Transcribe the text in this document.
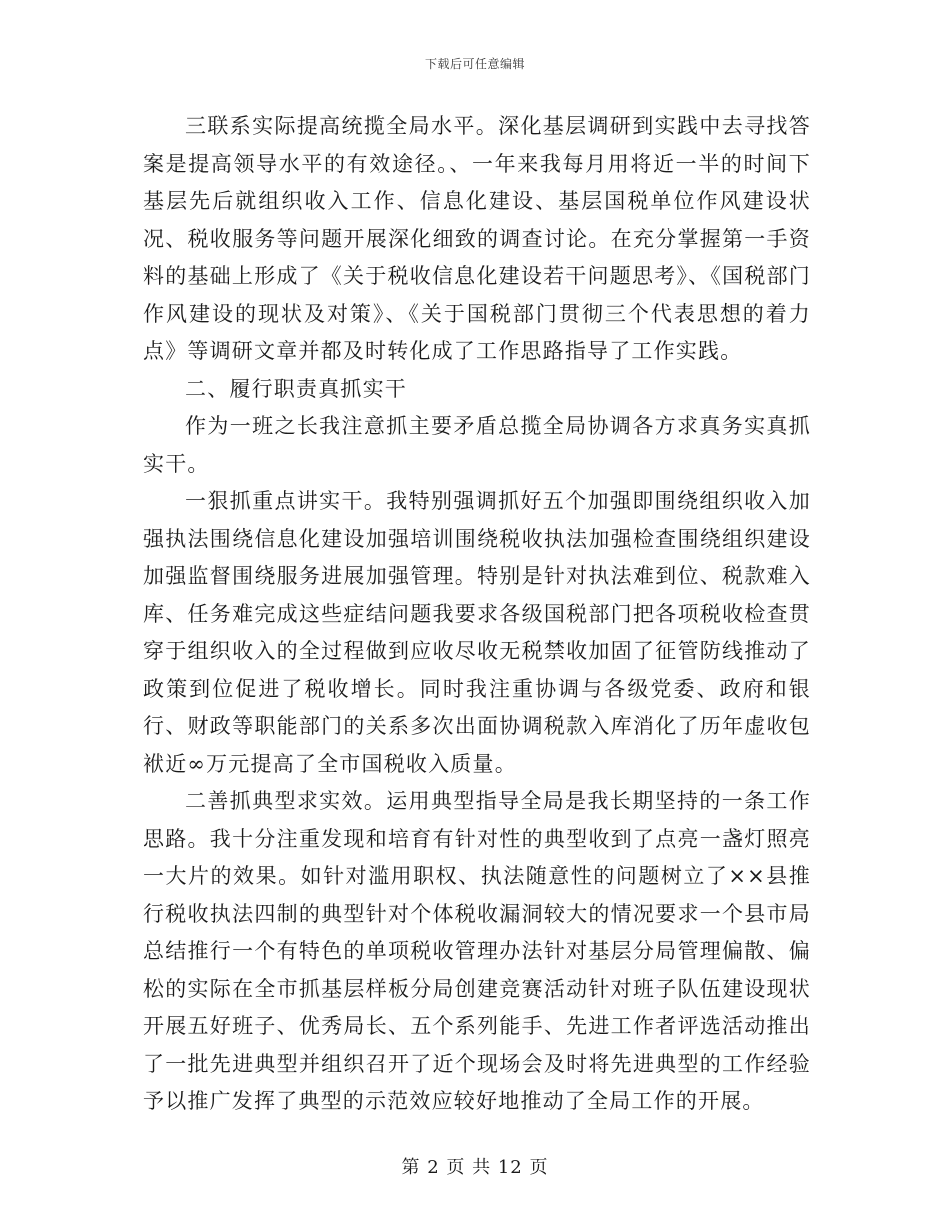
下载后可任意编辑

三联系实际提高统揽全局水平。深化基层调研到实践中去寻找答案是提高领导水平的有效途径。、一年来我每月用将近一半的时间下基层先后就组织收入工作、信息化建设、基层国税单位作风建设状况、税收服务等问题开展深化细致的调查讨论。在充分掌握第一手资料的基础上形成了《关于税收信息化建设若干问题思考》、《国税部门作风建设的现状及对策》、《关于国税部门贯彻三个代表思想的着力点》等调研文章并都及时转化成了工作思路指导了工作实践。

二、履行职责真抓实干

作为一班之长我注意抓主要矛盾总揽全局协调各方求真务实真抓实干。

一狠抓重点讲实干。我特别强调抓好五个加强即围绕组织收入加强执法围绕信息化建设加强培训围绕税收执法加强检查围绕组织建设加强监督围绕服务进展加强管理。特别是针对执法难到位、税款难入库、任务难完成这些症结问题我要求各级国税部门把各项税收检查贯穿于组织收入的全过程做到应收尽收无税禁收加固了征管防线推动了政策到位促进了税收增长。同时我注重协调与各级党委、政府和银行、财政等职能部门的关系多次出面协调税款入库消化了历年虚收包袱近∞万元提高了全市国税收入质量。

二善抓典型求实效。运用典型指导全局是我长期坚持的一条工作思路。我十分注重发现和培育有针对性的典型收到了点亮一盏灯照亮一大片的效果。如针对滥用职权、执法随意性的问题树立了××县推行税收执法四制的典型针对个体税收漏洞较大的情况要求一个县市局总结推行一个有特色的单项税收管理办法针对基层分局管理偏散、偏松的实际在全市抓基层样板分局创建竞赛活动针对班子队伍建设现状开展五好班子、优秀局长、五个系列能手、先进工作者评选活动推出了一批先进典型并组织召开了近个现场会及时将先进典型的工作经验予以推广发挥了典型的示范效应较好地推动了全局工作的开展。

第 2 页 共 12 页
